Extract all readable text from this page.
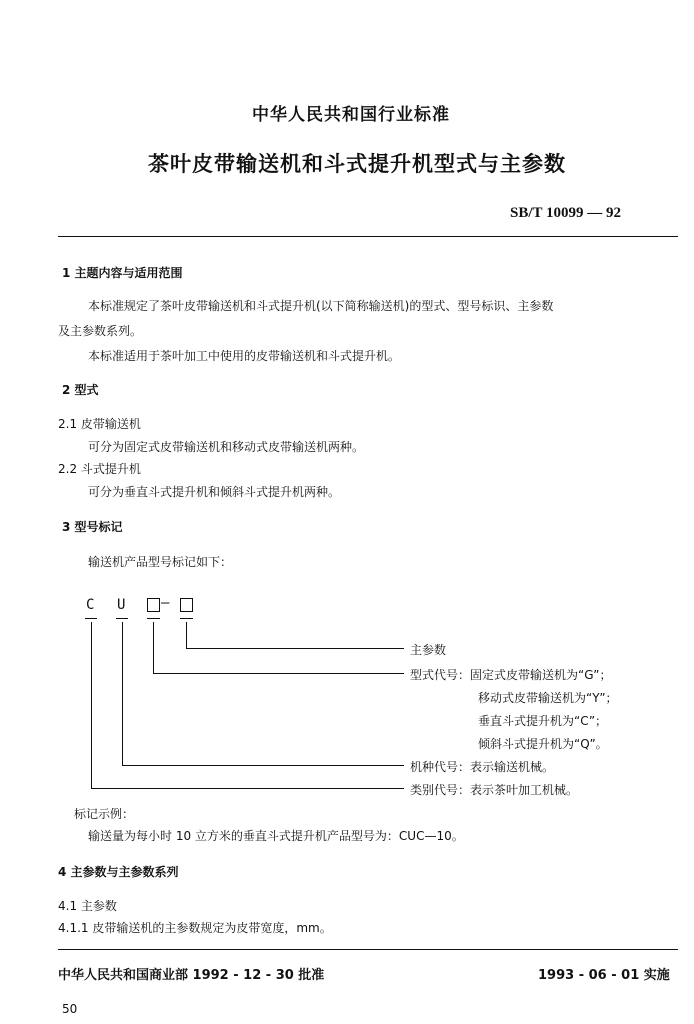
中华人民共和国行业标准
茶叶皮带输送机和斗式提升机型式与主参数
SB/T 10099 — 92
1 主题内容与适用范围
本标准规定了茶叶皮带输送机和斗式提升机(以下简称输送机)的型式、型号标识、主参数
及主参数系列。
本标准适用于茶叶加工中使用的皮带输送机和斗式提升机。
2 型式
2.1 皮带输送机
可分为固定式皮带输送机和移动式皮带输送机两种。
2.2 斗式提升机
可分为垂直斗式提升机和倾斜斗式提升机两种。
3 型号标记
输送机产品型号标记如下：
C U	—
主参数
型式代号：固定式皮带输送机为“G”；
移动式皮带输送机为“Y”；
垂直斗式提升机为“C”；
倾斜斗式提升机为“Q”。
机种代号：表示输送机械。
类别代号：表示茶叶加工机械。
标记示例：
输送量为每小时 10 立方米的垂直斗式提升机产品型号为：CUC—10。
4 主参数与主参数系列
4.1 主参数
4.1.1 皮带输送机的主参数规定为皮带宽度，mm。
中华人民共和国商业部 1992 - 12 - 30 批准	1993 - 06 - 01 实施
50
